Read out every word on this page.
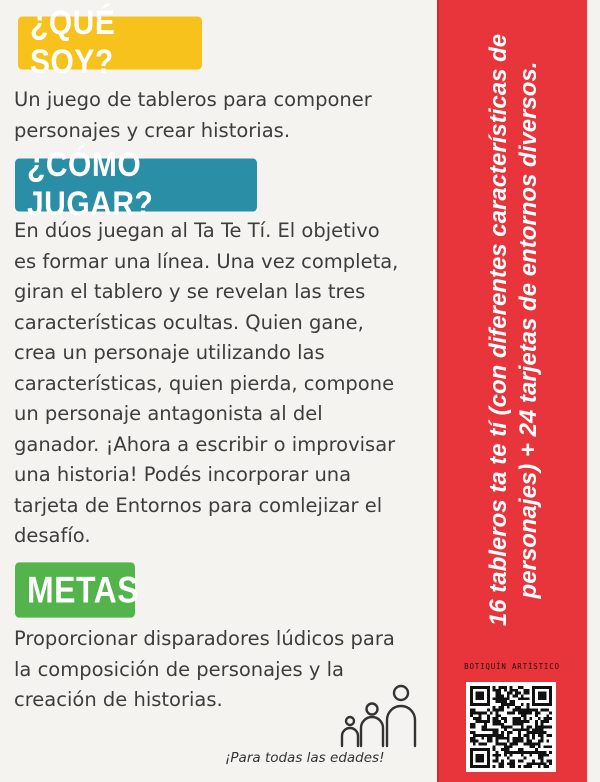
¿QUÉ SOY?
Un juego de tableros para componer
personajes y crear historias.
¿CÓMO JUGAR?
En dúos juegan al Ta Te Tí. El objetivo
es formar una línea. Una vez completa,
giran el tablero y se revelan las tres
características ocultas. Quien gane,
crea un personaje utilizando las
características, quien pierda, compone
un personaje antagonista al del
ganador. ¡Ahora a escribir o improvisar
una historia! Podés incorporar una
tarjeta de Entornos para comlejizar el
desafío.
METAS
Proporcionar disparadores lúdicos para
la composición de personajes y la
creación de historias.
¡Para todas las edades!
16 tableros ta te tí (con diferentes características de personajes) + 24 tarjetas de entornos diversos.
BOTIQUÍN ARTÍSTICO
